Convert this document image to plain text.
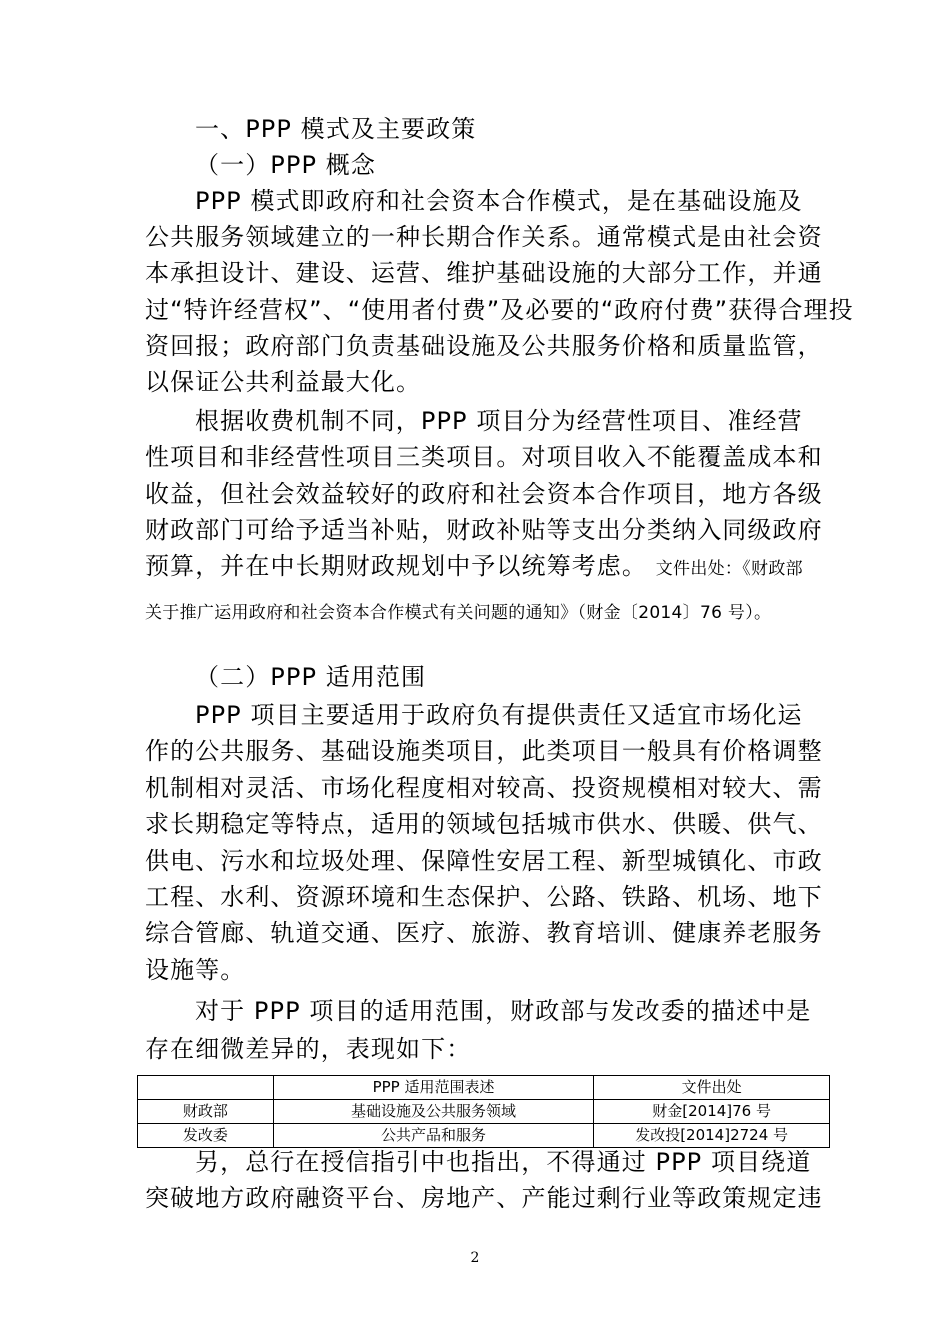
一、PPP 模式及主要政策
（一）PPP 概念
PPP 模式即政府和社会资本合作模式，是在基础设施及
公共服务领域建立的一种长期合作关系。通常模式是由社会资
本承担设计、建设、运营、维护基础设施的大部分工作，并通
过“特许经营权”、“使用者付费”及必要的“政府付费”获得合理投
资回报；政府部门负责基础设施及公共服务价格和质量监管，
以保证公共利益最大化。
根据收费机制不同，PPP 项目分为经营性项目、准经营
性项目和非经营性项目三类项目。对项目收入不能覆盖成本和
收益，但社会效益较好的政府和社会资本合作项目，地方各级
财政部门可给予适当补贴，财政补贴等支出分类纳入同级政府
预算，并在中长期财政规划中予以统筹考虑。 文件出处：《财政部
关于推广运用政府和社会资本合作模式有关问题的通知》（财金〔2014〕76 号）。
（二）PPP 适用范围
PPP 项目主要适用于政府负有提供责任又适宜市场化运
作的公共服务、基础设施类项目，此类项目一般具有价格调整
机制相对灵活、市场化程度相对较高、投资规模相对较大、需
求长期稳定等特点，适用的领域包括城市供水、供暖、供气、
供电、污水和垃圾处理、保障性安居工程、新型城镇化、市政
工程、水利、资源环境和生态保护、公路、铁路、机场、地下
综合管廊、轨道交通、医疗、旅游、教育培训、健康养老服务
设施等。
对于 PPP 项目的适用范围，财政部与发改委的描述中是
存在细微差异的，表现如下：
	PPP 适用范围表述	文件出处
财政部	基础设施及公共服务领域	财金[2014]76 号
发改委	公共产品和服务	发改投[2014]2724 号
另，总行在授信指引中也指出，不得通过 PPP 项目绕道
突破地方政府融资平台、房地产、产能过剩行业等政策规定违
2
